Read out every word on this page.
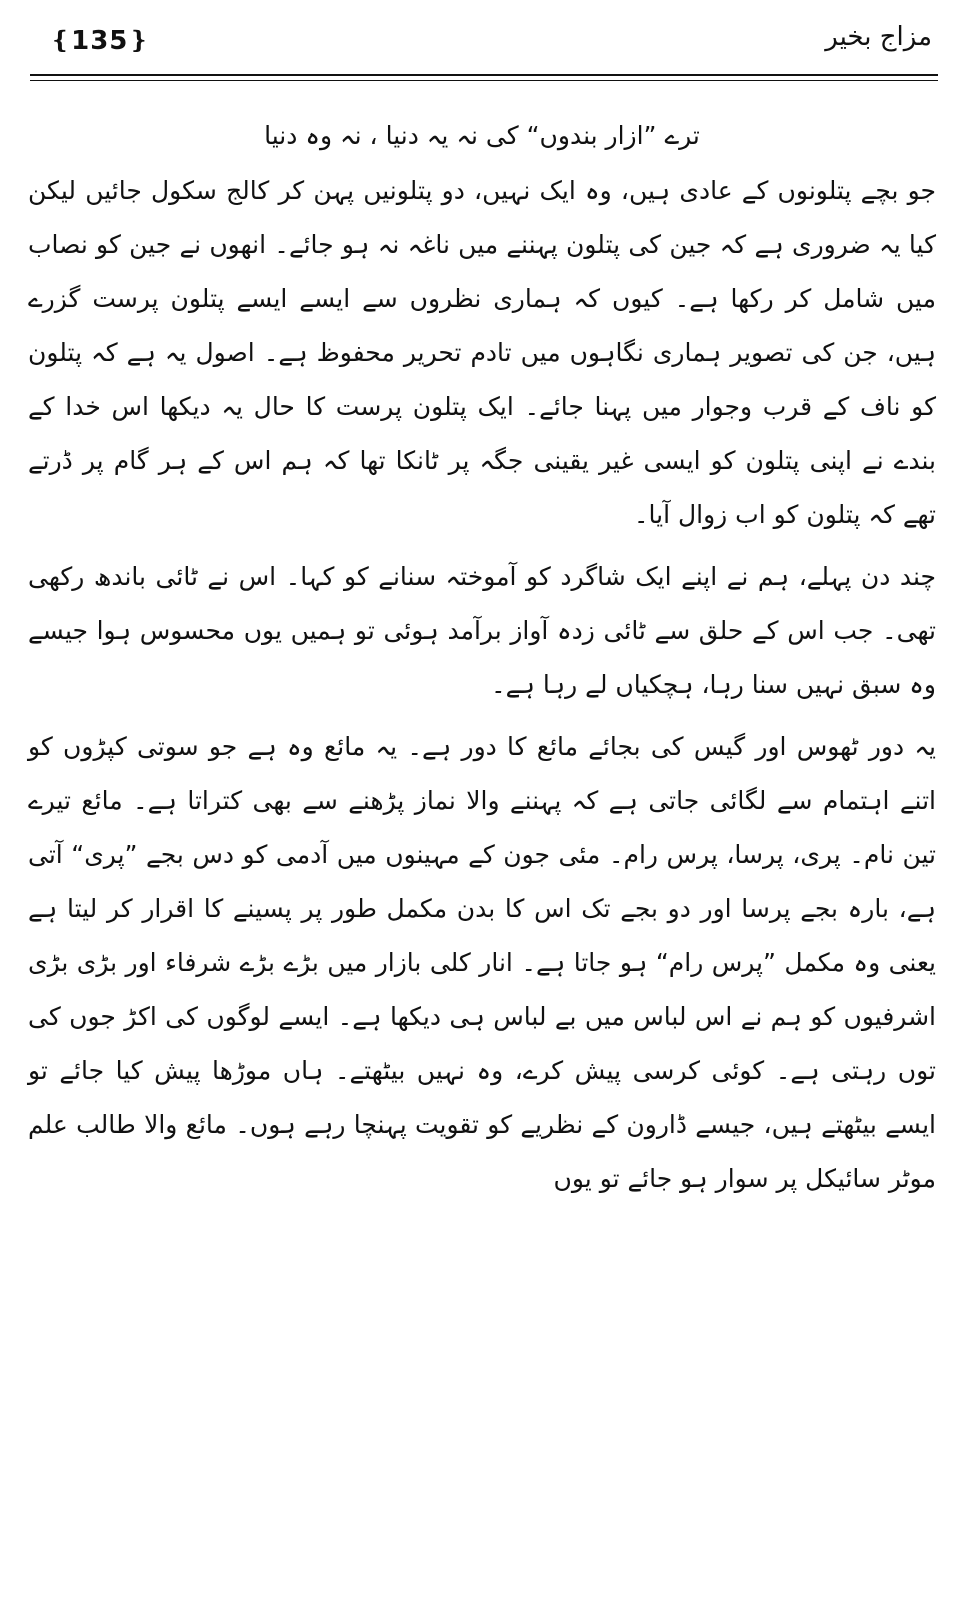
❴135❵	مزاج بخیر

ترے ”ازار بندوں“ کی نہ یہ دنیا ، نہ وہ دنیا

جو بچے پتلونوں کے عادی ہیں، وہ ایک نہیں، دو پتلونیں پہن کر کالج سکول جائیں لیکن کیا یہ ضروری ہے کہ جین کی پتلون پہننے میں ناغہ نہ ہو جائے۔ انھوں نے جین کو نصاب میں شامل کر رکھا ہے۔ کیوں کہ ہماری نظروں سے ایسے ایسے پتلون پرست گزرے ہیں، جن کی تصویر ہماری نگاہوں میں تادم تحریر محفوظ ہے۔ اصول یہ ہے کہ پتلون کو ناف کے قرب وجوار میں پہنا جائے۔ ایک پتلون پرست کا حال یہ دیکھا اس خدا کے بندے نے اپنی پتلون کو ایسی غیر یقینی جگہ پر ٹانکا تھا کہ ہم اس کے ہر گام پر ڈرتے تھے کہ پتلون کو اب زوال آیا۔

چند دن پہلے، ہم نے اپنے ایک شاگرد کو آموختہ سنانے کو کہا۔ اس نے ٹائی باندھ رکھی تھی۔ جب اس کے حلق سے ٹائی زدہ آواز برآمد ہوئی تو ہمیں یوں محسوس ہوا جیسے وہ سبق نہیں سنا رہا، ہچکیاں لے رہا ہے۔

یہ دور ٹھوس اور گیس کی بجائے مائع کا دور ہے۔ یہ مائع وہ ہے جو سوتی کپڑوں کو اتنے اہتمام سے لگائی جاتی ہے کہ پہننے والا نماز پڑھنے سے بھی کتراتا ہے۔ مائع تیرے تین نام۔ پری، پرسا، پرس رام۔ مئی جون کے مہینوں میں آدمی کو دس بجے ”پری“ آتی ہے، بارہ بجے پرسا اور دو بجے تک اس کا بدن مکمل طور پر پسینے کا اقرار کر لیتا ہے یعنی وہ مکمل ”پرس رام“ ہو جاتا ہے۔ انار کلی بازار میں بڑے بڑے شرفاء اور بڑی بڑی اشرفیوں کو ہم نے اس لباس میں بے لباس ہی دیکھا ہے۔ ایسے لوگوں کی اکڑ جوں کی توں رہتی ہے۔ کوئی کرسی پیش کرے، وہ نہیں بیٹھتے۔ ہاں موڑھا پیش کیا جائے تو ایسے بیٹھتے ہیں، جیسے ڈارون کے نظریے کو تقویت پہنچا رہے ہوں۔ مائع والا طالب علم موٹر سائیکل پر سوار ہو جائے تو یوں
